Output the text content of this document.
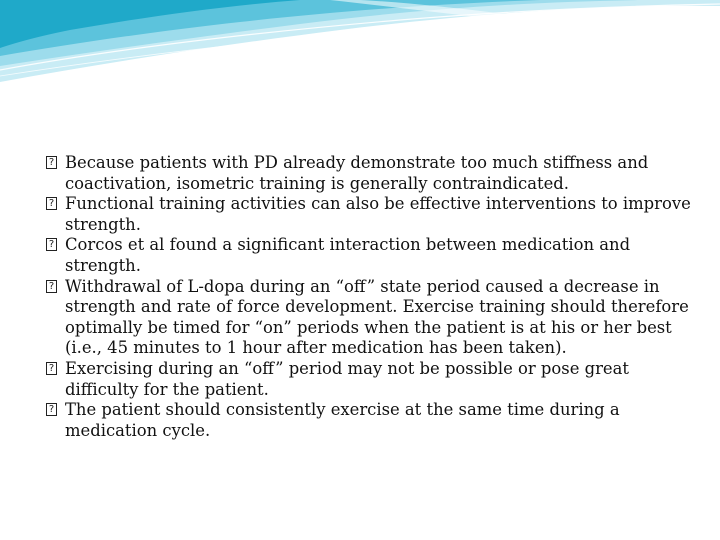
? Because patients with PD already demonstrate too much stiffness and coactivation, isometric training is generally contraindicated.
? Functional training activities can also be effective interventions to improve strength.
? Corcos et al found a significant interaction between medication and strength.
? Withdrawal of L-dopa during an “off” state period caused a decrease in strength and rate of force development. Exercise training should therefore optimally be timed for “on” periods when the patient is at his or her best (i.e., 45 minutes to 1 hour after medication has been taken).
? Exercising during an “off” period may not be possible or pose great difficulty for the patient.
? The patient should consistently exercise at the same time during a medication cycle.
